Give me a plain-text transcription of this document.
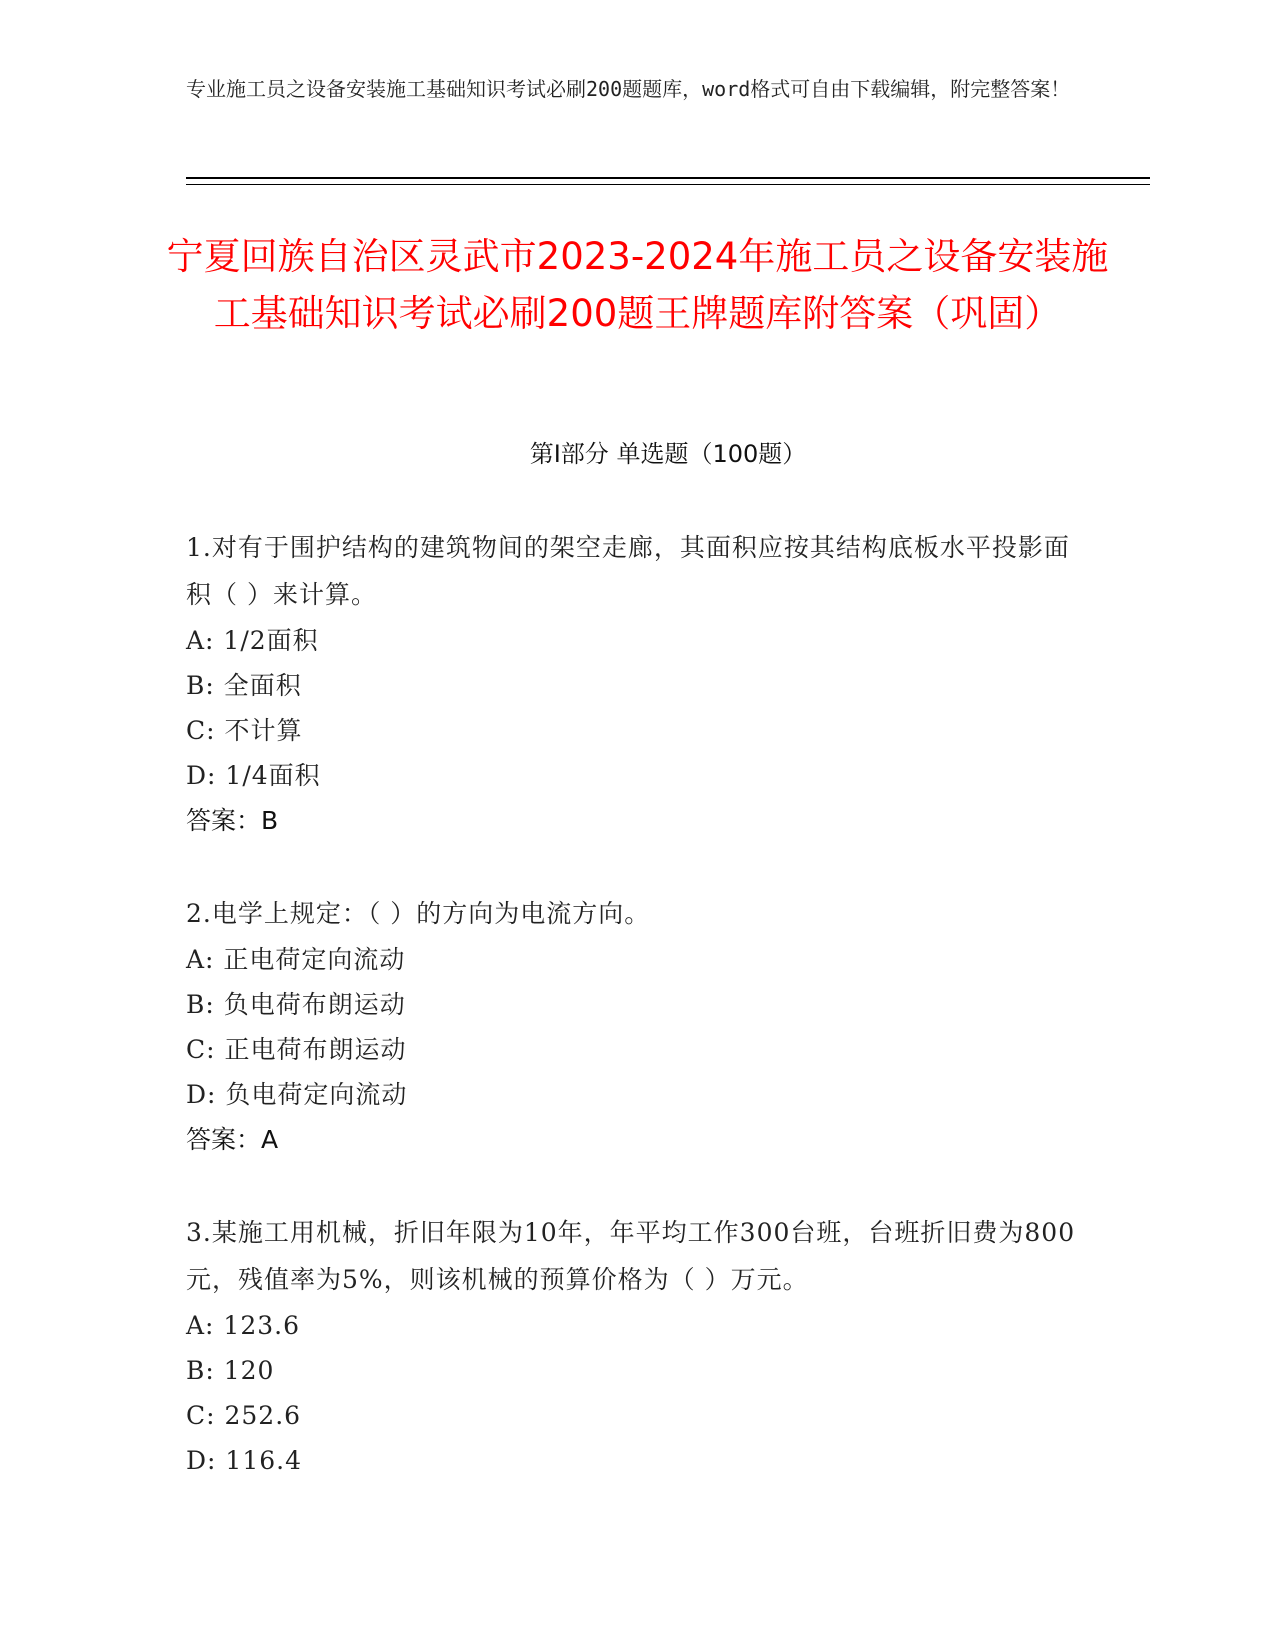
专业施工员之设备安装施工基础知识考试必刷200题题库，word格式可自由下载编辑，附完整答案！
宁夏回族自治区灵武市2023-2024年施工员之设备安装施工基础知识考试必刷200题王牌题库附答案（巩固）
第Ⅰ部分 单选题（100题）
1.对有于围护结构的建筑物间的架空走廊，其面积应按其结构底板水平投影面积（ ）来计算。
A: 1/2面积
B: 全面积
C: 不计算
D: 1/4面积
答案：B
2.电学上规定：（ ）的方向为电流方向。
A: 正电荷定向流动
B: 负电荷布朗运动
C: 正电荷布朗运动
D: 负电荷定向流动
答案：A
3.某施工用机械，折旧年限为10年，年平均工作300台班，台班折旧费为800元，残值率为5%，则该机械的预算价格为（ ）万元。
A: 123.6
B: 120
C: 252.6
D: 116.4
